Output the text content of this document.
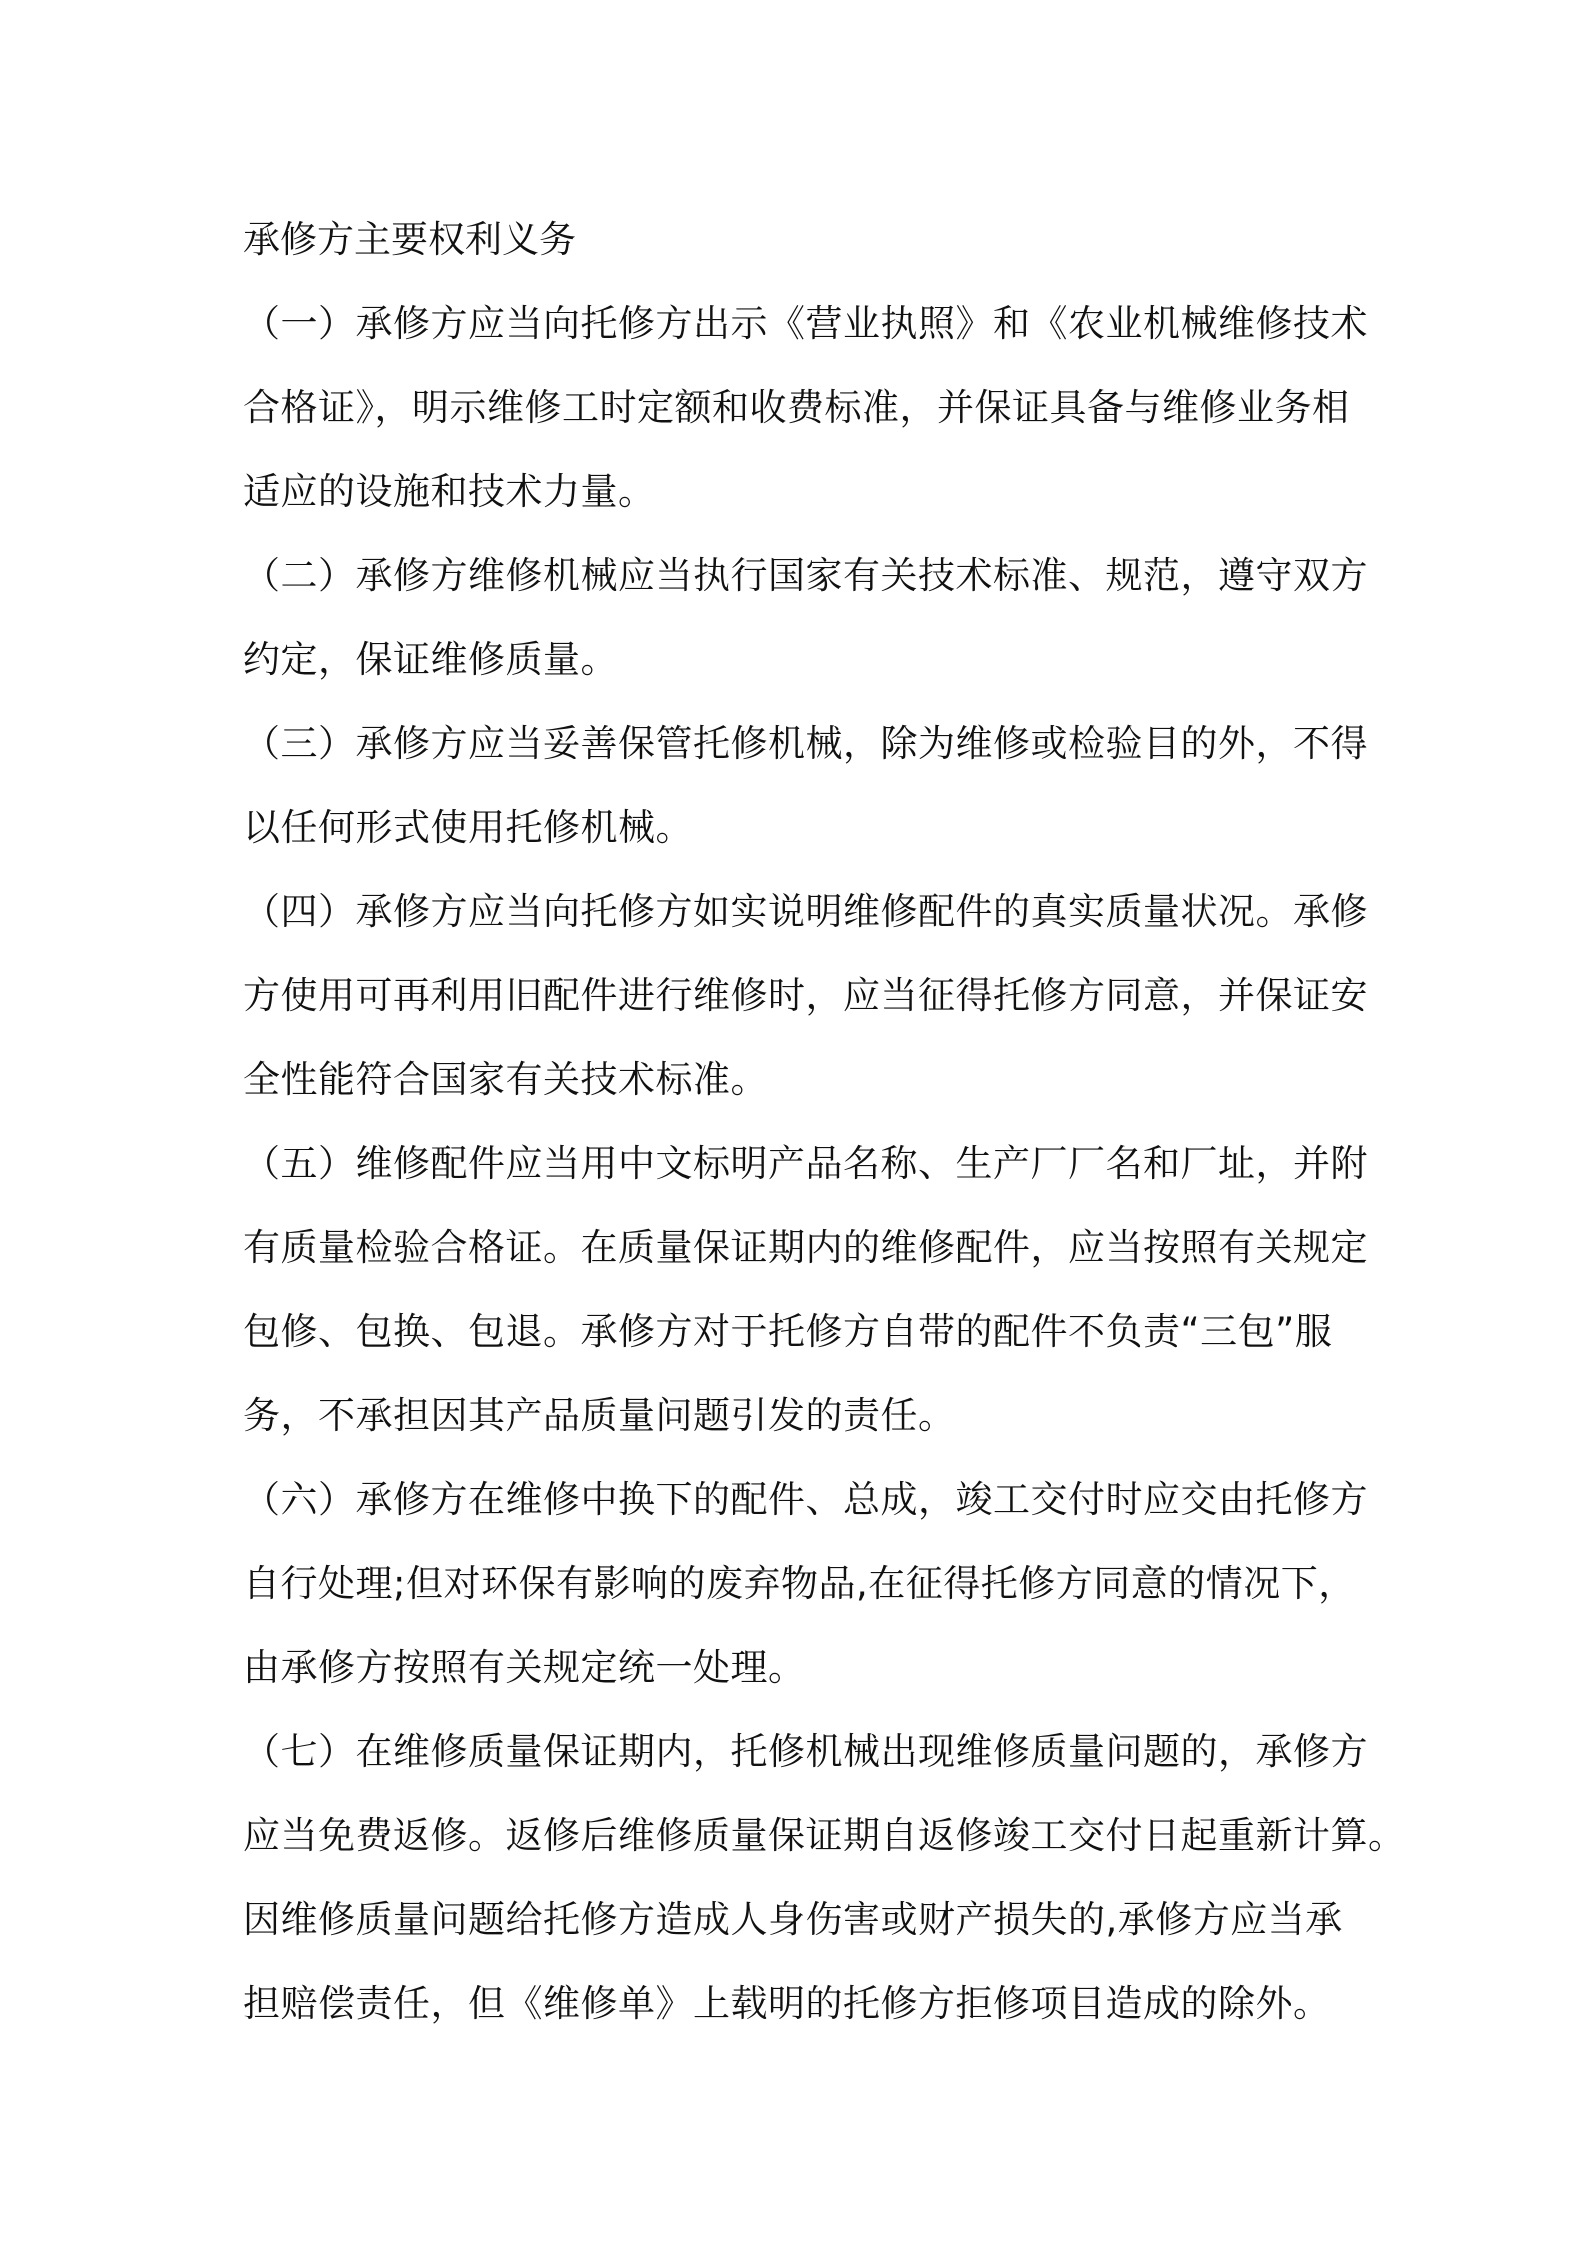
承修方主要权利义务
（一）承修方应当向托修方出示《营业执照》和《农业机械维修技术
合格证》，明示维修工时定额和收费标准，并保证具备与维修业务相
适应的设施和技术力量。
（二）承修方维修机械应当执行国家有关技术标准、规范，遵守双方
约定，保证维修质量。
（三）承修方应当妥善保管托修机械，除为维修或检验目的外，不得
以任何形式使用托修机械。
（四）承修方应当向托修方如实说明维修配件的真实质量状况。承修
方使用可再利用旧配件进行维修时，应当征得托修方同意，并保证安
全性能符合国家有关技术标准。
（五）维修配件应当用中文标明产品名称、生产厂厂名和厂址，并附
有质量检验合格证。在质量保证期内的维修配件，应当按照有关规定
包修、包换、包退。承修方对于托修方自带的配件不负责“三包”服
务，不承担因其产品质量问题引发的责任。
（六）承修方在维修中换下的配件、总成，竣工交付时应交由托修方
自行处理;但对环保有影响的废弃物品,在征得托修方同意的情况下，
由承修方按照有关规定统一处理。
（七）在维修质量保证期内，托修机械出现维修质量问题的，承修方
应当免费返修。返修后维修质量保证期自返修竣工交付日起重新计算。
因维修质量问题给托修方造成人身伤害或财产损失的,承修方应当承
担赔偿责任，但《维修单》上载明的托修方拒修项目造成的除外。
